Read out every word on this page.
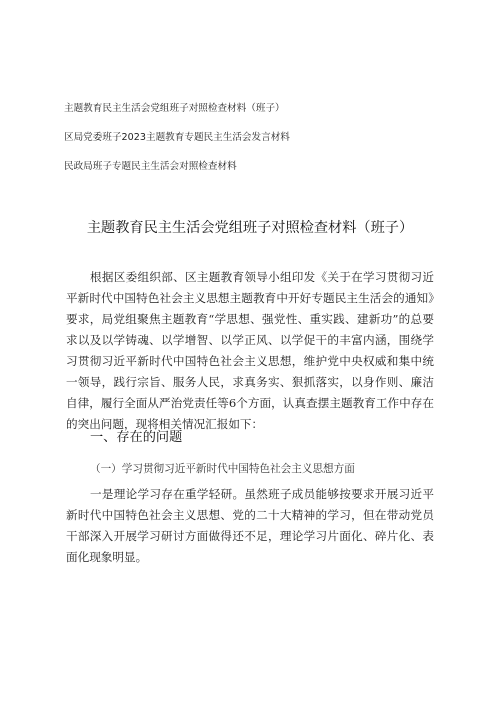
主题教育民主生活会党组班子对照检查材料（班子）
区局党委班子2023主题教育专题民主生活会发言材料
民政局班子专题民主生活会对照检查材料
主题教育民主生活会党组班子对照检查材料（班子）

根据区委组织部、区主题教育领导小组印发《关于在学习贯彻习近平新时代中国特色社会主义思想主题教育中开好专题民主生活会的通知》要求，局党组聚焦主题教育“学思想、强党性、重实践、建新功”的总要求以及以学铸魂、以学增智、以学正风、以学促干的丰富内涵，围绕学习贯彻习近平新时代中国特色社会主义思想，维护党中央权威和集中统一领导，践行宗旨、服务人民，求真务实、狠抓落实，以身作则、廉洁自律，履行全面从严治党责任等6个方面，认真查摆主题教育工作中存在的突出问题，现将相关情况汇报如下：

一、存在的问题
（一）学习贯彻习近平新时代中国特色社会主义思想方面

一是理论学习存在重学轻研。虽然班子成员能够按要求开展习近平新时代中国特色社会主义思想、党的二十大精神的学习，但在带动党员干部深入开展学习研讨方面做得还不足，理论学习片面化、碎片化、表面化现象明显。
